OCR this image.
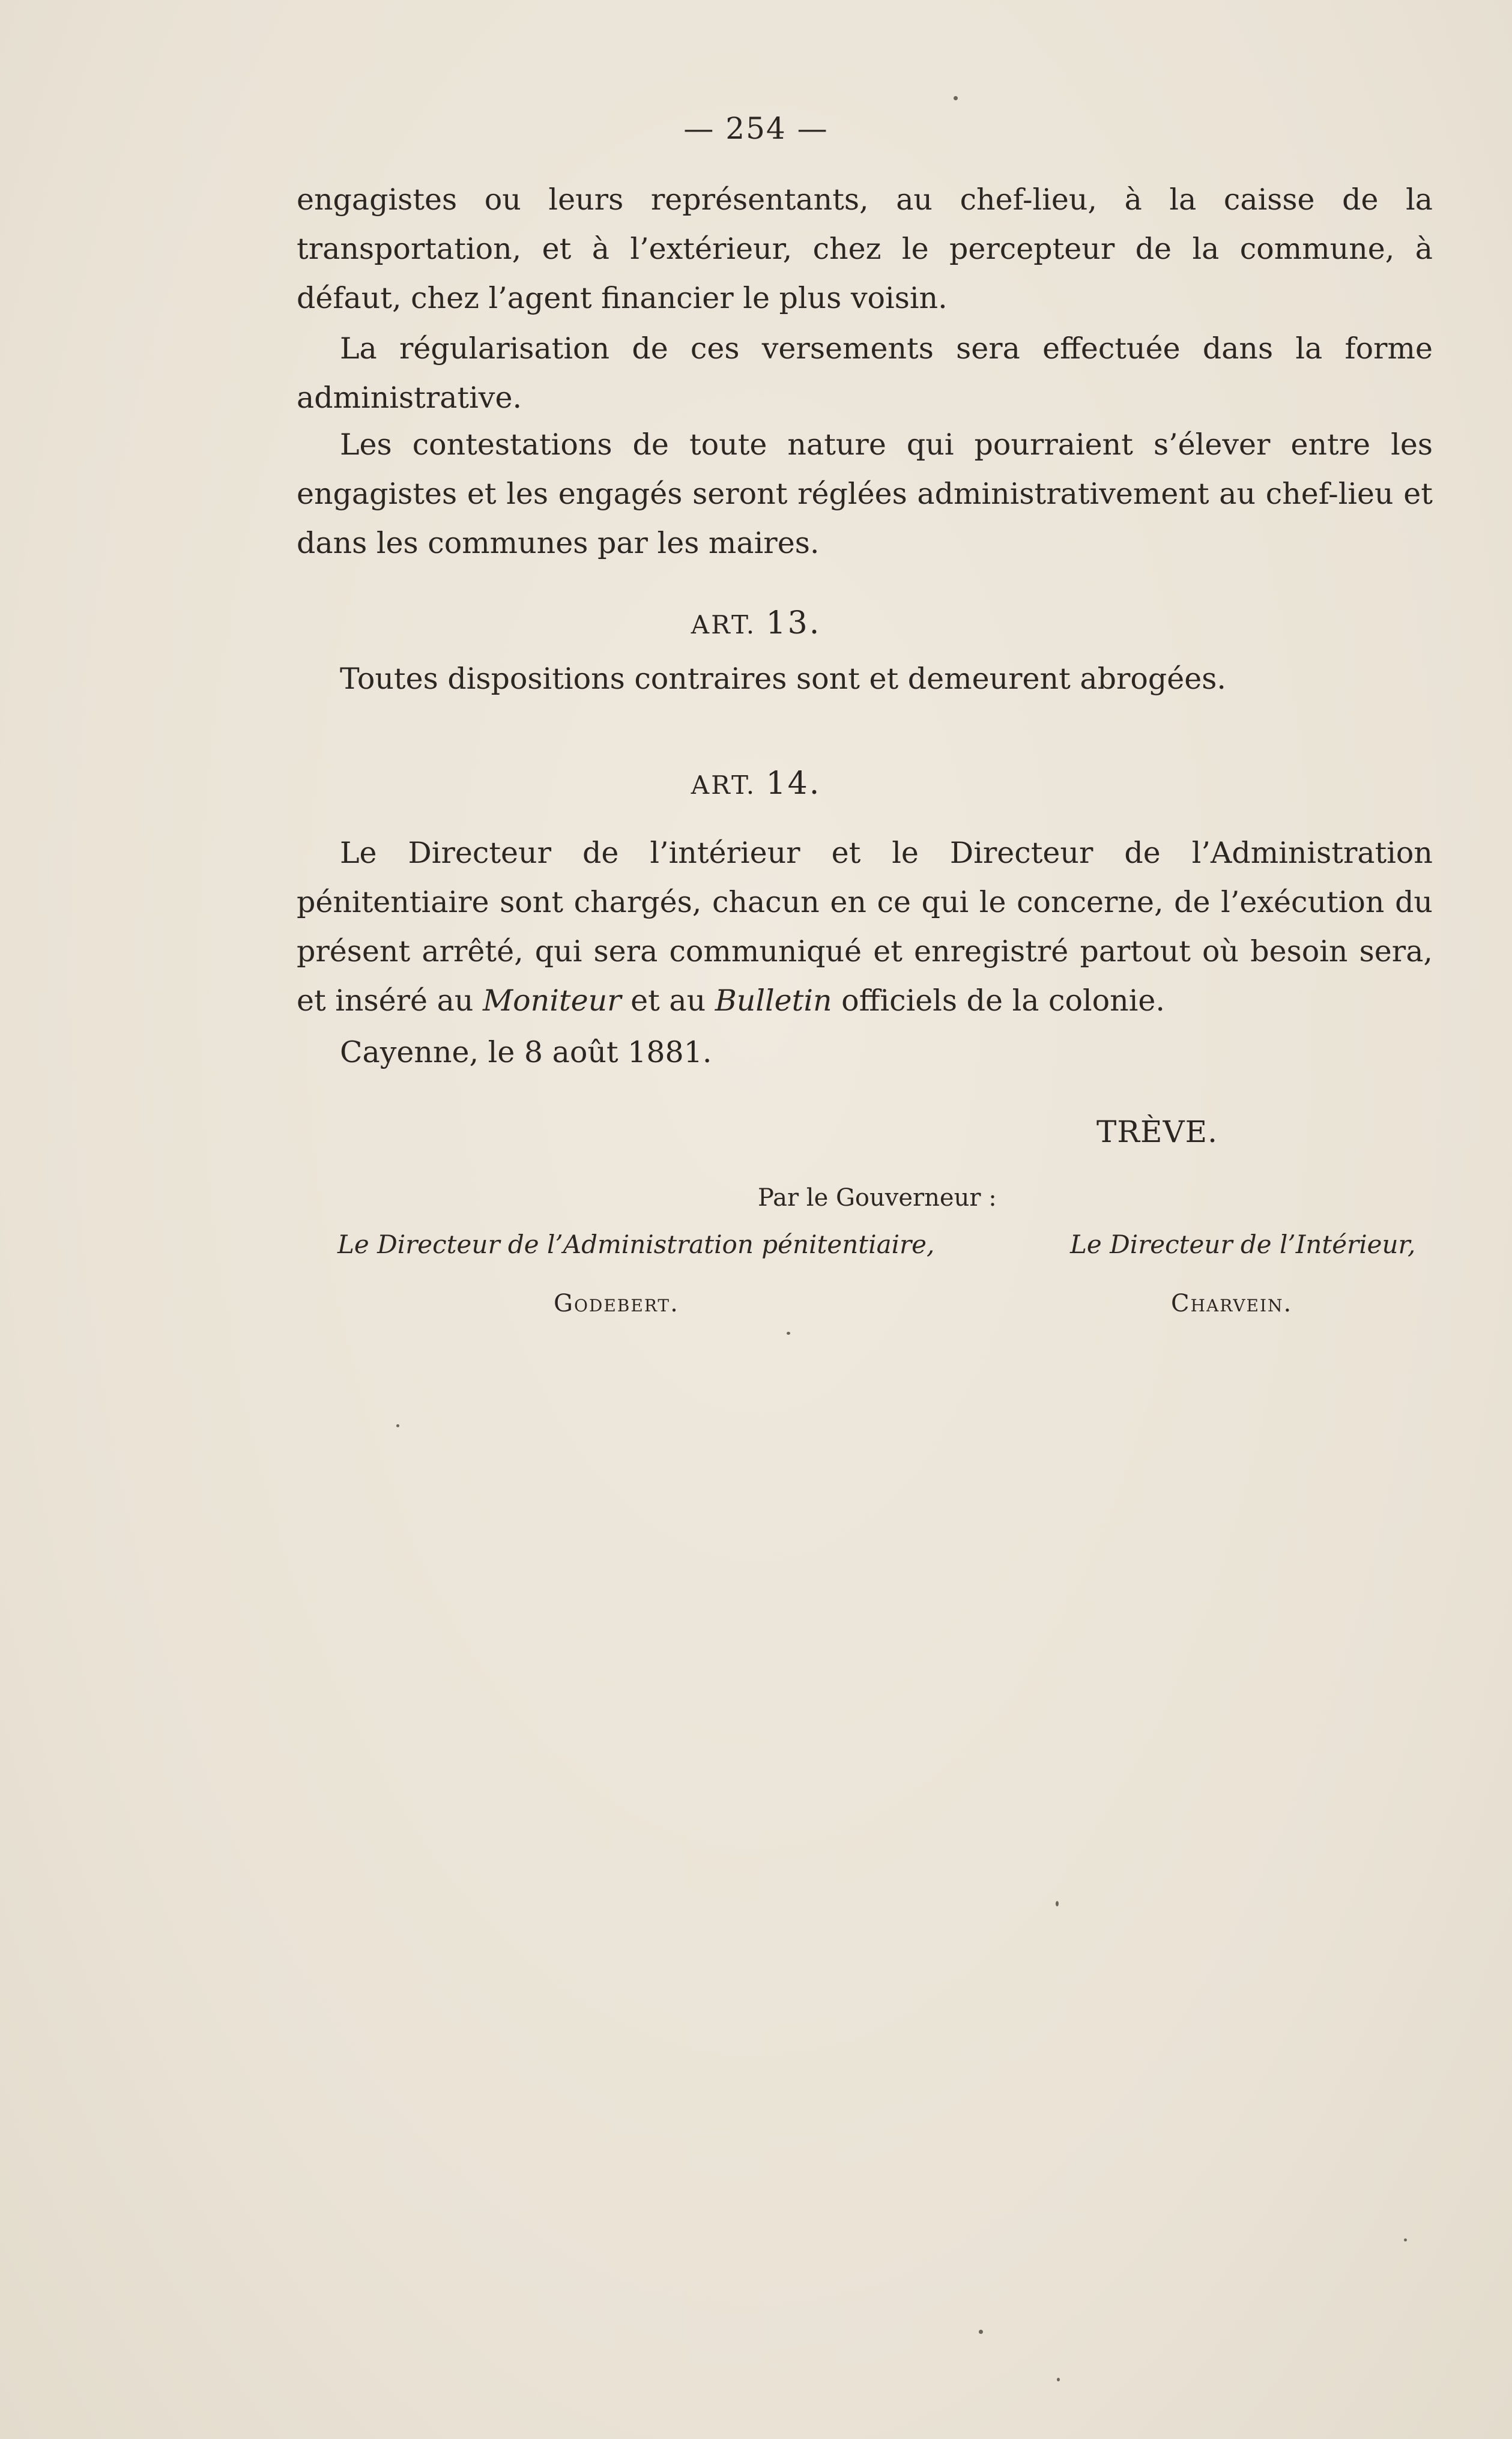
— 254 —

engagistes ou leurs représentants, au chef-lieu, à la caisse de la transportation, et à l’extérieur, chez le percepteur de la commune, à défaut, chez l’agent financier le plus voisin.

La régularisation de ces versements sera effectuée dans la forme administrative.

Les contestations de toute nature qui pourraient s’élever entre les engagistes et les engagés seront réglées administrativement au chef-lieu et dans les communes par les maires.

ART. 13.

Toutes dispositions contraires sont et demeurent abrogées.

ART. 14.

Le Directeur de l’intérieur et le Directeur de l’Administration pénitentiaire sont chargés, chacun en ce qui le concerne, de l’exécution du présent arrêté, qui sera communiqué et enregistré partout où besoin sera, et inséré au Moniteur et au Bulletin officiels de la colonie.

Cayenne, le 8 août 1881.

TRÈVE.
Par le Gouverneur :
Le Directeur de l’Administration pénitentiaire,	Le Directeur de l’Intérieur,
Godebert.	Charvein.
